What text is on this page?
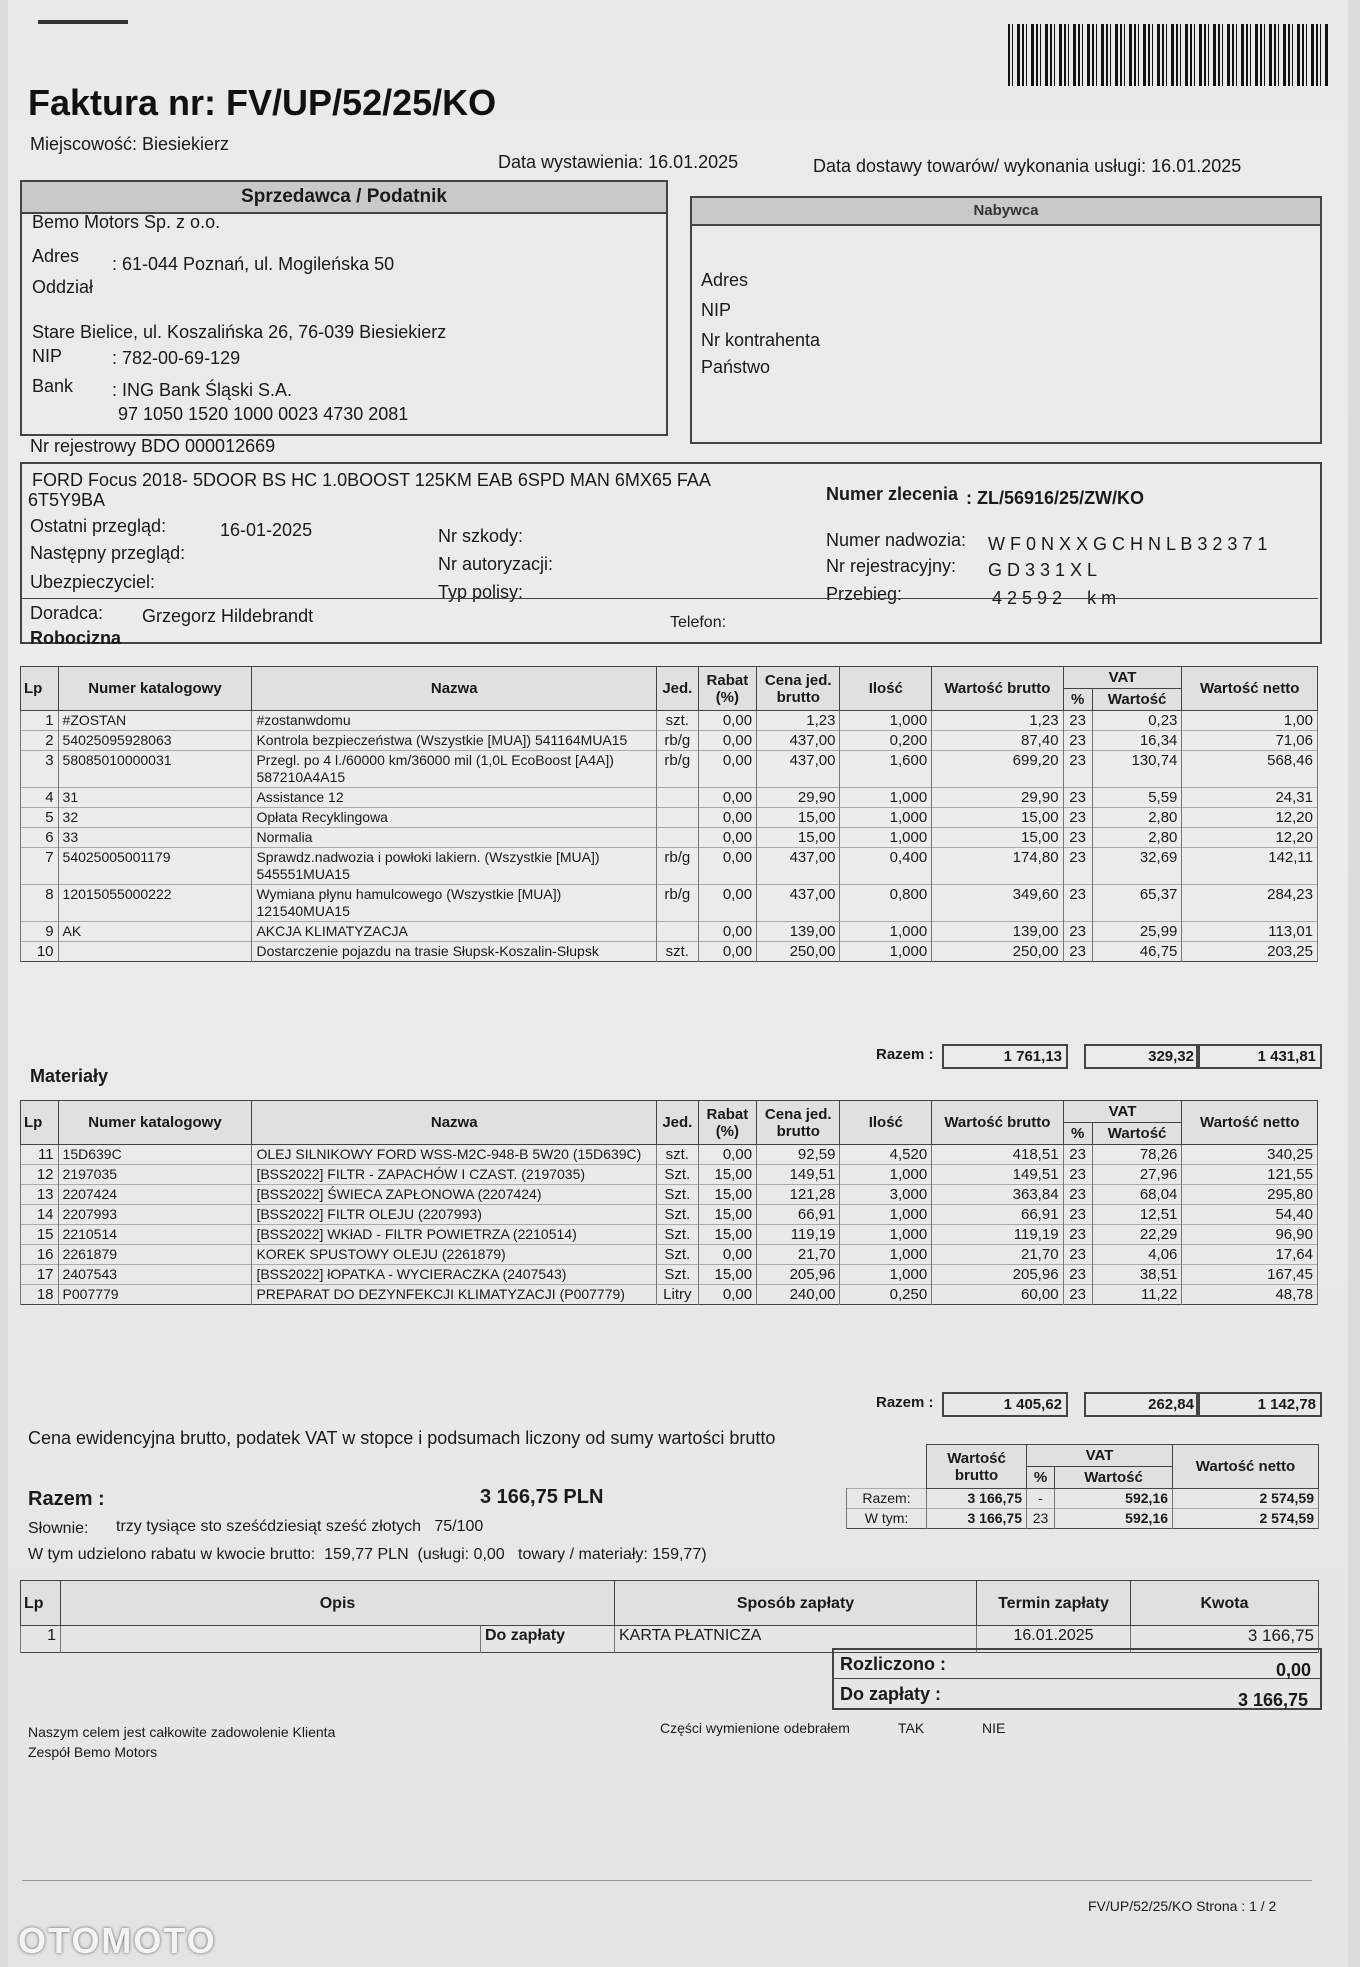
Faktura nr: FV/UP/52/25/KO
Miejscowość: Biesiekierz
Data wystawienia: 16.01.2025	Data dostawy towarów/ wykonania usługi: 16.01.2025
Sprzedawca / Podatnik
Bemo Motors Sp. z o.o.
Adres : 61-044 Poznań, ul. Mogileńska 50
Oddział
Stare Bielice, ul. Koszalińska 26, 76-039 Biesiekierz
NIP	: 782-00-69-129
Bank : ING Bank Śląski S.A.
97 1050 1520 1000 0023 4730 2081
Nr rejestrowy BDO 000012669
Nabywca
Adres
NIP
Nr kontrahenta
Państwo
FORD Focus 2018- 5DOOR BS HC 1.0BOOST 125KM EAB 6SPD MAN 6MX65 FAA
6T5Y9BA
Ostatni przegląd:	16-01-2025
Następny przegląd:
Ubezpieczyciel:
Nr szkody:
Nr autoryzacji:
Typ polisy:
Numer zlecenia : ZL/56916/25/ZW/KO
Numer nadwozia: W F 0 N X X G C H N L B 3 2 3 7 1
Nr rejestracyjny: G D 3 3 1 X L
Przebieg:	4 2 5 9 2     k m
Doradca: Grzegorz Hildebrandt	Telefon:
Robocizna
Lp	Numer katalogowy	Nazwa	Jed.	Rabat (%)	Cena jed. brutto	Ilość	Wartość brutto	VAT		Wartość netto
								%	Wartość	
1	#ZOSTAN	#zostanwdomu	szt.	0,00	1,23	1,000	1,23	23	0,23	1,00
2	54025095928063	Kontrola bezpieczeństwa (Wszystkie [MUA]) 541164MUA15	rb/g	0,00	437,00	0,200	87,40	23	16,34	71,06
3	58085010000031	Przegl. po 4 l./60000 km/36000 mil (1,0L EcoBoost [A4A]) 587210A4A15	rb/g	0,00	437,00	1,600	699,20	23	130,74	568,46
4	31	Assistance 12		0,00	29,90	1,000	29,90	23	5,59	24,31
5	32	Opłata Recyklingowa		0,00	15,00	1,000	15,00	23	2,80	12,20
6	33	Normalia		0,00	15,00	1,000	15,00	23	2,80	12,20
7	54025005001179	Sprawdz.nadwozia i powłoki lakiern. (Wszystkie [MUA]) 545551MUA15	rb/g	0,00	437,00	0,400	174,80	23	32,69	142,11
8	12015055000222	Wymiana płynu hamulcowego (Wszystkie [MUA]) 121540MUA15	rb/g	0,00	437,00	0,800	349,60	23	65,37	284,23
9	AK	AKCJA KLIMATYZACJA		0,00	139,00	1,000	139,00	23	25,99	113,01
10		Dostarczenie pojazdu na trasie Słupsk-Koszalin-Słupsk	szt.	0,00	250,00	1,000	250,00	23	46,75	203,25
Razem :	1 761,13	329,32	1 431,81
Materiały
Lp	Numer katalogowy	Nazwa	Jed.	Rabat (%)	Cena jed. brutto	Ilość	Wartość brutto	VAT		Wartość netto
								%	Wartość	
11	15D639C	OLEJ SILNIKOWY FORD WSS-M2C-948-B 5W20 (15D639C)	szt.	0,00	92,59	4,520	418,51	23	78,26	340,25
12	2197035	[BSS2022] FILTR - ZAPACHÓW I CZAST. (2197035)	Szt.	15,00	149,51	1,000	149,51	23	27,96	121,55
13	2207424	[BSS2022] ŚWIECA ZAPŁONOWA (2207424)	Szt.	15,00	121,28	3,000	363,84	23	68,04	295,80
14	2207993	[BSS2022] FILTR OLEJU (2207993)	Szt.	15,00	66,91	1,000	66,91	23	12,51	54,40
15	2210514	[BSS2022] WKłAD - FILTR POWIETRZA (2210514)	Szt.	15,00	119,19	1,000	119,19	23	22,29	96,90
16	2261879	KOREK SPUSTOWY OLEJU (2261879)	Szt.	0,00	21,70	1,000	21,70	23	4,06	17,64
17	2407543	[BSS2022] łOPATKA - WYCIERACZKA (2407543)	Szt.	15,00	205,96	1,000	205,96	23	38,51	167,45
18	P007779	PREPARAT DO DEZYNFEKCJI KLIMATYZACJI (P007779)	Litry	0,00	240,00	0,250	60,00	23	11,22	48,78
Razem :	1 405,62	262,84	1 142,78
Cena ewidencyjna brutto, podatek VAT w stopce i podsumach liczony od sumy wartości brutto
Razem :	3 166,75 PLN
Słownie: trzy tysiące sto sześćdziesiąt sześć złotych   75/100
W tym udzielono rabatu w kwocie brutto:  159,77 PLN  (usługi: 0,00   towary / materiały: 159,77)
	Wartość brutto	VAT		Wartość netto
		%	Wartość	
Razem:	3 166,75	-	592,16	2 574,59
W tym:	3 166,75	23	592,16	2 574,59
Lp	Opis		Sposób zapłaty	Termin zapłaty	Kwota
1		Do zapłaty	KARTA PŁATNICZA	16.01.2025	3 166,75
Rozliczono :	0,00
Do zapłaty :	3 166,75
Naszym celem jest całkowite zadowolenie Klienta
Zespół Bemo Motors
Części wymienione odebrałem	TAK	NIE
FV/UP/52/25/KO Strona : 1 / 2
OTOMOTO
